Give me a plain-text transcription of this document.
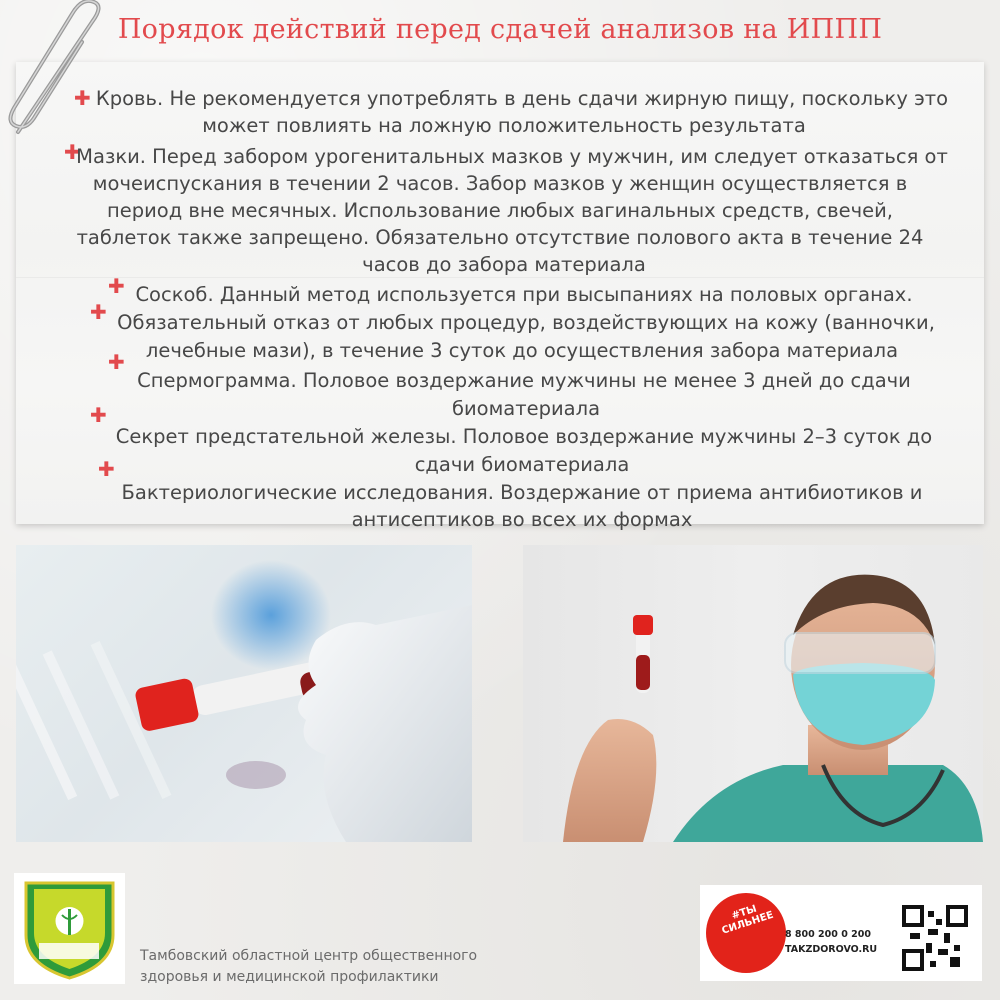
Порядок действий перед сдачей анализов на ИППП
✚ Кровь. Не рекомендуется употреблять в день сдачи жирную пищу, поскольку это
может повлиять на ложную положительность результата
✚
Мазки. Перед забором урогенитальных мазков у мужчин, им следует отказаться от
мочеиспускания в течении 2 часов. Забор мазков у женщин осуществляется в
период вне месячных. Использование любых вагинальных средств, свечей,
таблеток также запрещено. Обязательно отсутствие полового акта в течение 24
часов до забора материала
✚ Соскоб. Данный метод используется при высыпаниях на половых органах.
Обязательный отказ от любых процедур, воздействующих на кожу (ванночки,
✚
лечебные мази), в течение 3 суток до осуществления забора материала
✚
Спермограмма. Половое воздержание мужчины не менее 3 дней до сдачи
биоматериала
✚
Секрет предстательной железы. Половое воздержание мужчины 2–3 суток до
сдачи биоматериала
✚
Бактериологические исследования. Воздержание от приема антибиотиков и
антисептиков во всех их формах
Тамбовский областной центр общественного
здоровья и медицинской профилактики
#ТЫ СИЛЬНЕЕ	8 800 200 0 200
TAKZDOROVO.RU
